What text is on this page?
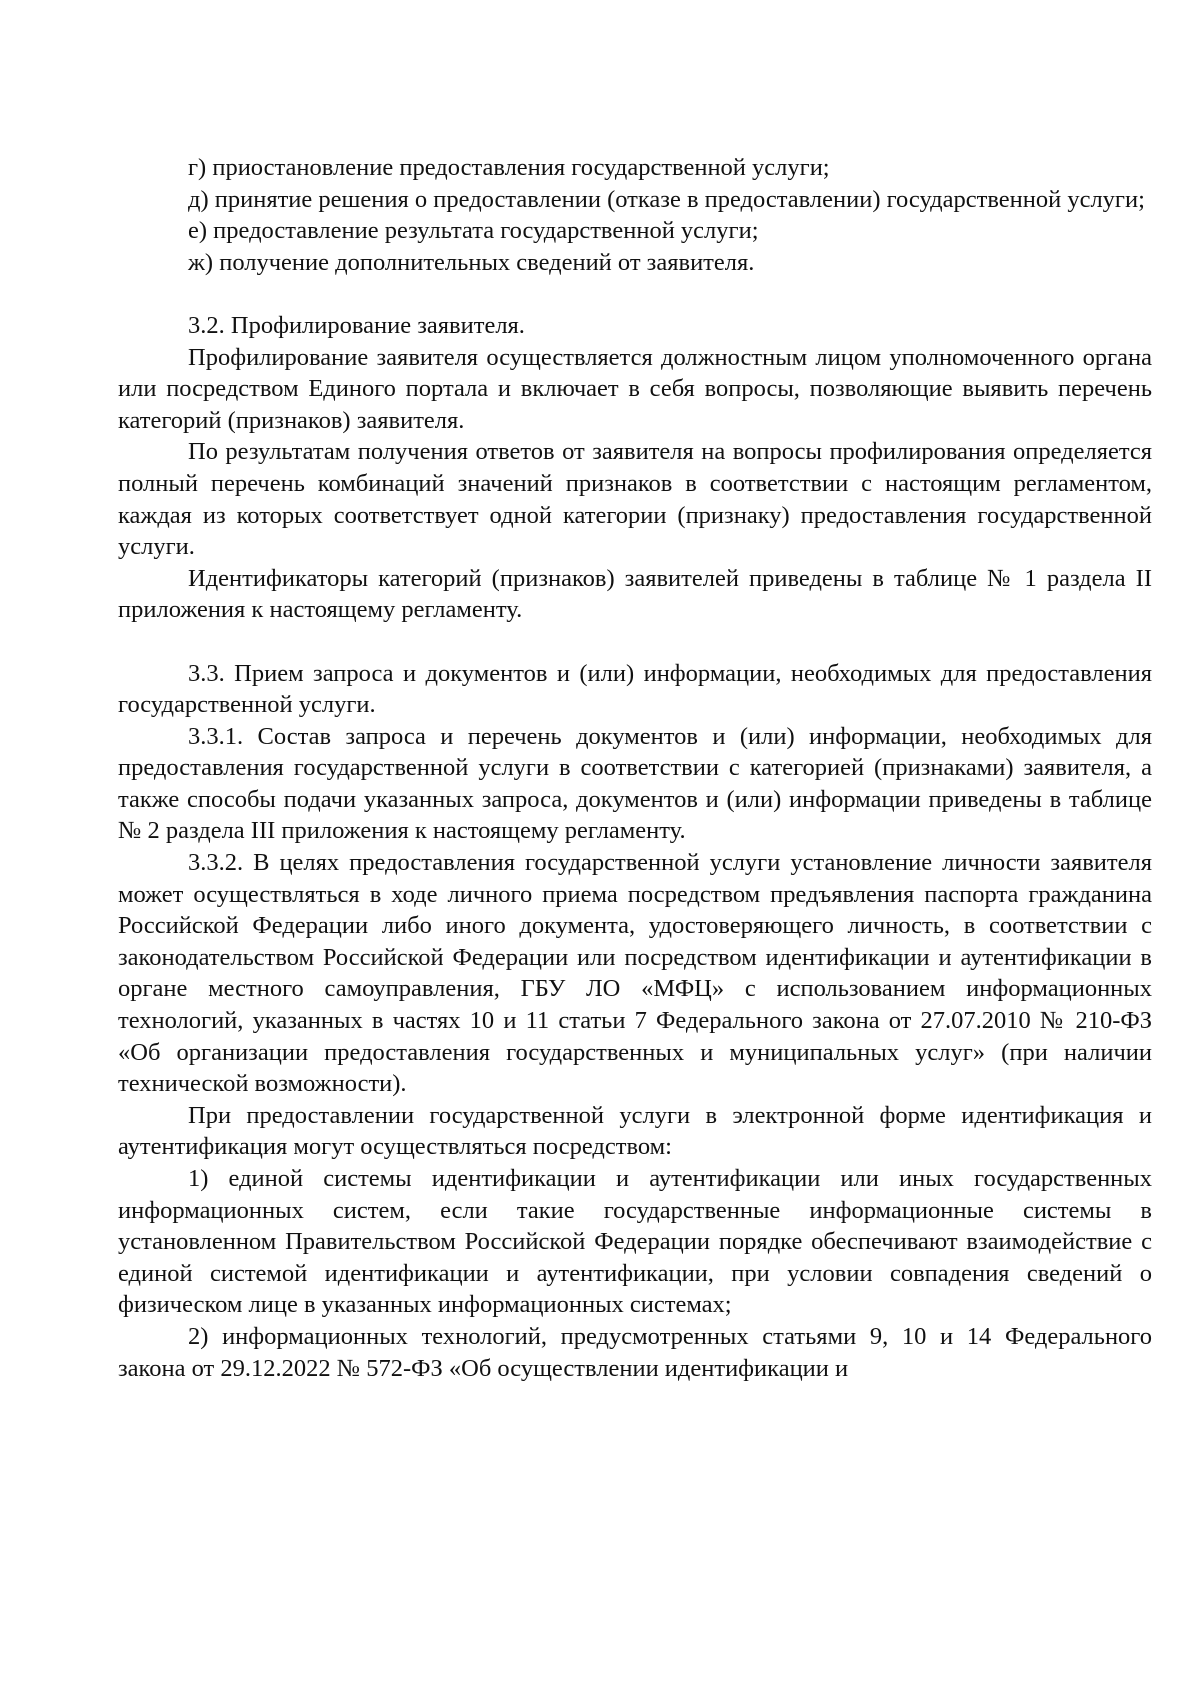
г) приостановление предоставления государственной услуги;

д) принятие решения о предоставлении (отказе в предоставлении) государственной услуги;

е) предоставление результата государственной услуги;

ж) получение дополнительных сведений от заявителя.

3.2. Профилирование заявителя.

Профилирование заявителя осуществляется должностным лицом уполномоченного органа или посредством Единого портала и включает в себя вопросы, позволяющие выявить перечень категорий (признаков) заявителя.

По результатам получения ответов от заявителя на вопросы профилирования определяется полный перечень комбинаций значений признаков в соответствии с настоящим регламентом, каждая из которых соответствует одной категории (признаку) предоставления государственной услуги.

Идентификаторы категорий (признаков) заявителей приведены в таблице № 1 раздела II приложения к настоящему регламенту.

3.3. Прием запроса и документов и (или) информации, необходимых для предоставления государственной услуги.

3.3.1. Состав запроса и перечень документов и (или) информации, необходимых для предоставления государственной услуги в соответствии с категорией (признаками) заявителя, а также способы подачи указанных запроса, документов и (или) информации приведены в таблице № 2 раздела III приложения к настоящему регламенту.

3.3.2. В целях предоставления государственной услуги установление личности заявителя может осуществляться в ходе личного приема посредством предъявления паспорта гражданина Российской Федерации либо иного документа, удостоверяющего личность, в соответствии с законодательством Российской Федерации или посредством идентификации и аутентификации в органе местного самоуправления, ГБУ ЛО «МФЦ» с использованием информационных технологий, указанных в частях 10 и 11 статьи 7 Федерального закона от 27.07.2010 № 210-ФЗ «Об организации предоставления государственных и муниципальных услуг» (при наличии технической возможности).

При предоставлении государственной услуги в электронной форме идентификация и аутентификация могут осуществляться посредством:

1) единой системы идентификации и аутентификации или иных государственных информационных систем, если такие государственные информационные системы в установленном Правительством Российской Федерации порядке обеспечивают взаимодействие с единой системой идентификации и аутентификации, при условии совпадения сведений о физическом лице в указанных информационных системах;

2) информационных технологий, предусмотренных статьями 9, 10 и 14 Федерального закона от 29.12.2022 № 572-ФЗ «Об осуществлении идентификации и
